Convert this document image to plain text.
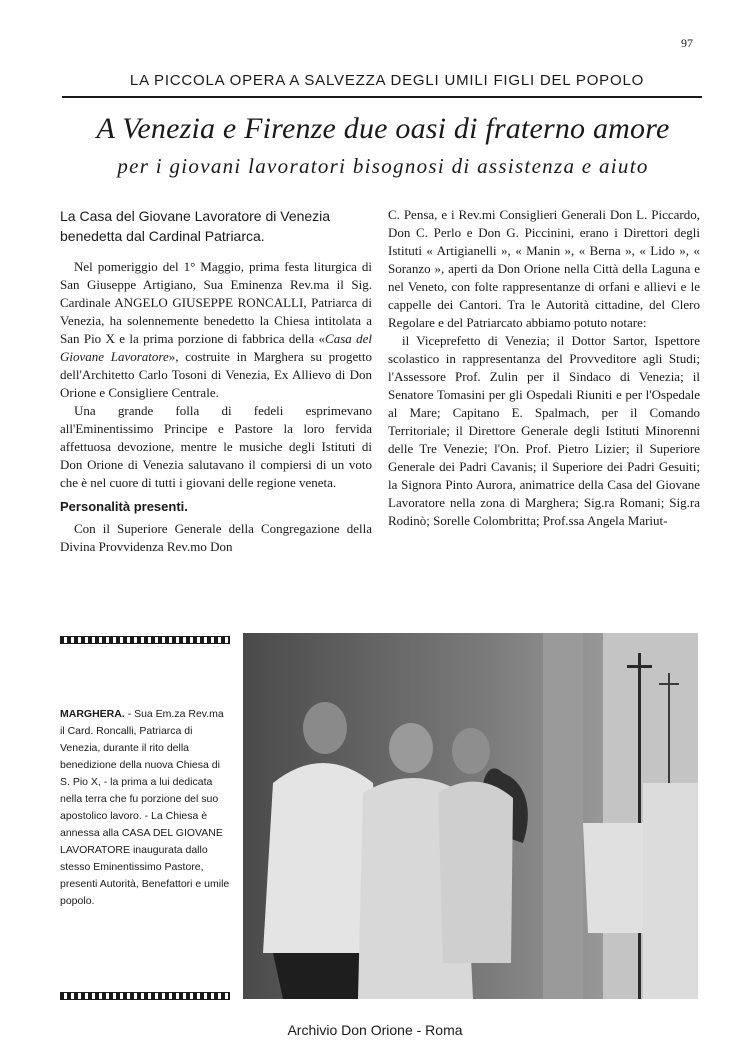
97
LA PICCOLA OPERA A SALVEZZA DEGLI UMILI FIGLI DEL POPOLO
A Venezia e Firenze due oasi di fraterno amore
per i giovani lavoratori bisognosi di assistenza e aiuto
La Casa del Giovane Lavoratore di Venezia benedetta dal Cardinal Patriarca.

Nel pomeriggio del 1° Maggio, prima festa liturgica di San Giuseppe Artigiano, Sua Eminenza Rev.ma il Sig. Cardinale ANGELO GIUSEPPE RONCALLI, Patriarca di Venezia, ha solennemente benedetto la Chiesa intitolata a San Pio X e la prima porzione di fabbrica della «Casa del Giovane Lavoratore», costruite in Marghera su progetto dell'Architetto Carlo Tosoni di Venezia, Ex Allievo di Don Orione e Consigliere Centrale.

Una grande folla di fedeli esprimevano all'Eminentissimo Principe e Pastore la loro fervida affettuosa devozione, mentre le musiche degli Istituti di Don Orione di Venezia salutavano il compiersi di un voto che è nel cuore di tutti i giovani delle regione veneta.

Personalità presenti.

Con il Superiore Generale della Congregazione della Divina Provvidenza Rev.mo Don

C. Pensa, e i Rev.mi Consiglieri Generali Don L. Piccardo, Don C. Perlo e Don G. Piccinini, erano i Direttori degli Istituti « Artigianelli », « Manin », « Berna », « Lido », « Soranzo », aperti da Don Orione nella Città della Laguna e nel Veneto, con folte rappresentanze di orfani e allievi e le cappelle dei Cantori. Tra le Autorità cittadine, del Clero Regolare e del Patriarcato abbiamo potuto notare:

il Viceprefetto di Venezia; il Dottor Sartor, Ispettore scolastico in rappresentanza del Provveditore agli Studi; l'Assessore Prof. Zulin per il Sindaco di Venezia; il Senatore Tomasini per gli Ospedali Riuniti e per l'Ospedale al Mare; Capitano E. Spalmach, per il Comando Territoriale; il Direttore Generale degli Istituti Minorenni delle Tre Venezie; l'On. Prof. Pietro Lizier; il Superiore Generale dei Padri Cavanis; il Superiore dei Padri Gesuiti; la Signora Pinto Aurora, animatrice della Casa del Giovane Lavoratore nella zona di Marghera; Sig.ra Romani; Sig.ra Rodinò; Sorelle Colombritta; Prof.ssa Angela Mariut-

MARGHERA. - Sua Em.za Rev.ma il Card. Roncalli, Patriarca di Venezia, durante il rito della benedizione della nuova Chiesa di S. Pio X, - la prima a lui dedicata nella terra che fu porzione del suo apostolico lavoro. - La Chiesa è annessa alla CASA DEL GIOVANE LAVORATORE inaugurata dallo stesso Eminentissimo Pastore, presenti Autorità, Benefattori e umile popolo.
Archivio Don Orione - Roma
